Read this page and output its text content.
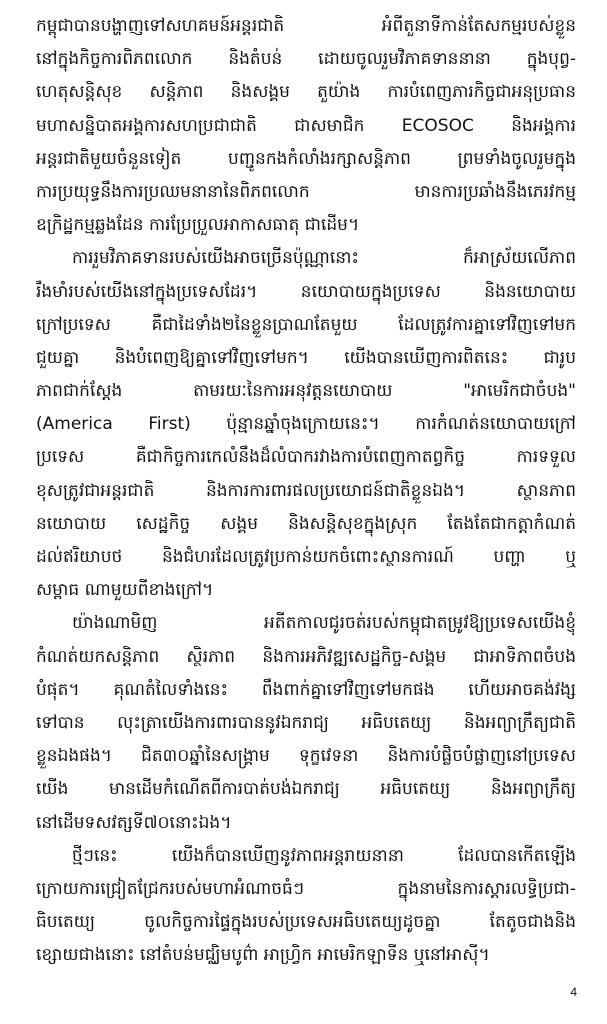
កម្ពុជាបានបង្ហាញទៅសហគមន៍អន្តរជាតិ អំពីតួនាទីកាន់តែសកម្មរបស់ខ្លួន
នៅក្នុងកិច្ចការពិភពលោក និងតំបន់ ដោយចូលរួមវិភាគទាននានា ក្នុងបុព្វ-
ហេតុសន្តិសុខ សន្តិភាព និងសង្គម តួយ៉ាង ការបំពេញភារកិច្ចជាអនុប្រធាន
មហាសន្និបាតអង្គការសហប្រជាជាតិ ជាសមាជិក ECOSOC និងអង្គការ
អន្តរជាតិមួយចំនួនទៀត បញ្ជូនកងកំលាំងរក្សាសន្តិភាព ព្រមទាំងចូលរួមក្នុង
ការប្រយុទ្ធនឹងការប្រឈមនានានៃពិភពលោក មានការប្រឆាំងនឹងភេរវកម្ម
ឧក្រិដ្ឋកម្មឆ្លងដែន ការប្រែប្រួលអាកាសធាតុ ជាដើម។
ការរួមវិភាគទានរបស់យើងអាចច្រើនប៉ុណ្ណានោះ ក៏អាស្រ័យលើភាព
រឹងមាំរបស់យើងនៅក្នុងប្រទេសដែរ។ នយោបាយក្នុងប្រទេស និងនយោបាយ
ក្រៅប្រទេស គឺជាដៃទាំង២នៃខ្លួនប្រាណតែមួយ ដែលត្រូវការគ្នាទៅវិញទៅមក
ជួយគ្នា និងបំពេញឱ្យគ្នាទៅវិញទៅមក។ យើងបានឃើញការពិតនេះ ជារូប
ភាពជាក់ស្តែង តាមរយៈនៃការអនុវត្តនយោបាយ "អាមេរិកជាចំបង"
(America First) ប៉ុន្មានឆ្នាំចុងក្រោយនេះ។ ការកំណត់នយោបាយក្រៅ
ប្រទេស គឺជាកិច្ចការកេលំនឹងដ៏លំបាករវាងការបំពេញកាតព្វកិច្ច ការទទួល
ខុសត្រូវជាអន្តរជាតិ និងការការពារផលប្រយោជន៍ជាតិខ្លួនឯង។ ស្ថានភាព
នយោបាយ សេដ្ឋកិច្ច សង្គម និងសន្តិសុខក្នុងស្រុក តែងតែជាកត្តាកំណត់
ដល់ឥរិយាបថ និងជំហរដែលត្រូវប្រកាន់យកចំពោះស្ថានការណ៍ បញ្ហា ឬ
សម្ពាធ ណាមួយពីខាងក្រៅ។
យ៉ាងណាមិញ អតីតកាលជូរចត់របស់កម្ពុជាតម្រូវឱ្យប្រទេសយើងខ្ញុំ
កំណត់យកសន្តិភាព ស្ថិរភាព និងការអភិវឌ្ឍសេដ្ឋកិច្ច-សង្គម ជាអាទិភាពចំបង
បំផុត។ គុណតំលៃទាំងនេះ ពឹងពាក់គ្នាទៅវិញទៅមកផង ហើយអាចគង់វង្ស
ទៅបាន លុះត្រាយើងការពារបាននូវឯករាជ្យ អធិបតេយ្យ និងអព្យាក្រឹត្យជាតិ
ខ្លួនឯងផង។ ជិត៣០ឆ្នាំនៃសង្គ្រាម ទុក្ខវេទនា និងការបំផ្លិចបំផ្លាញនៅប្រទេស
យើង មានដើមកំណើតពីការបាត់បង់ឯករាជ្យ អធិបតេយ្យ និងអព្យាក្រឹត្យ
នៅដើមទសវត្សទី៧០នោះឯង។
ថ្មីៗនេះ យើងក៏បានឃើញនូវភាពអន្តរាយនានា ដែលបានកើតឡើង
ក្រោយការជ្រៀតជ្រែករបស់មហាអំណាចធំៗ ក្នុងនាមនៃការស្តារលទ្ធិប្រជា-
ធិបតេយ្យ ចូលកិច្ចការផ្ទៃក្នុងរបស់ប្រទេសអធិបតេយ្យដូចគ្នា តែតូចជាងនិង
ខ្សោយជាងនោះ នៅតំបន់មជ្ឈិមបូព៌ា អាហ្វ្រិក អាមេរិកឡាទីន ឬនៅអាស៊ី។
4
